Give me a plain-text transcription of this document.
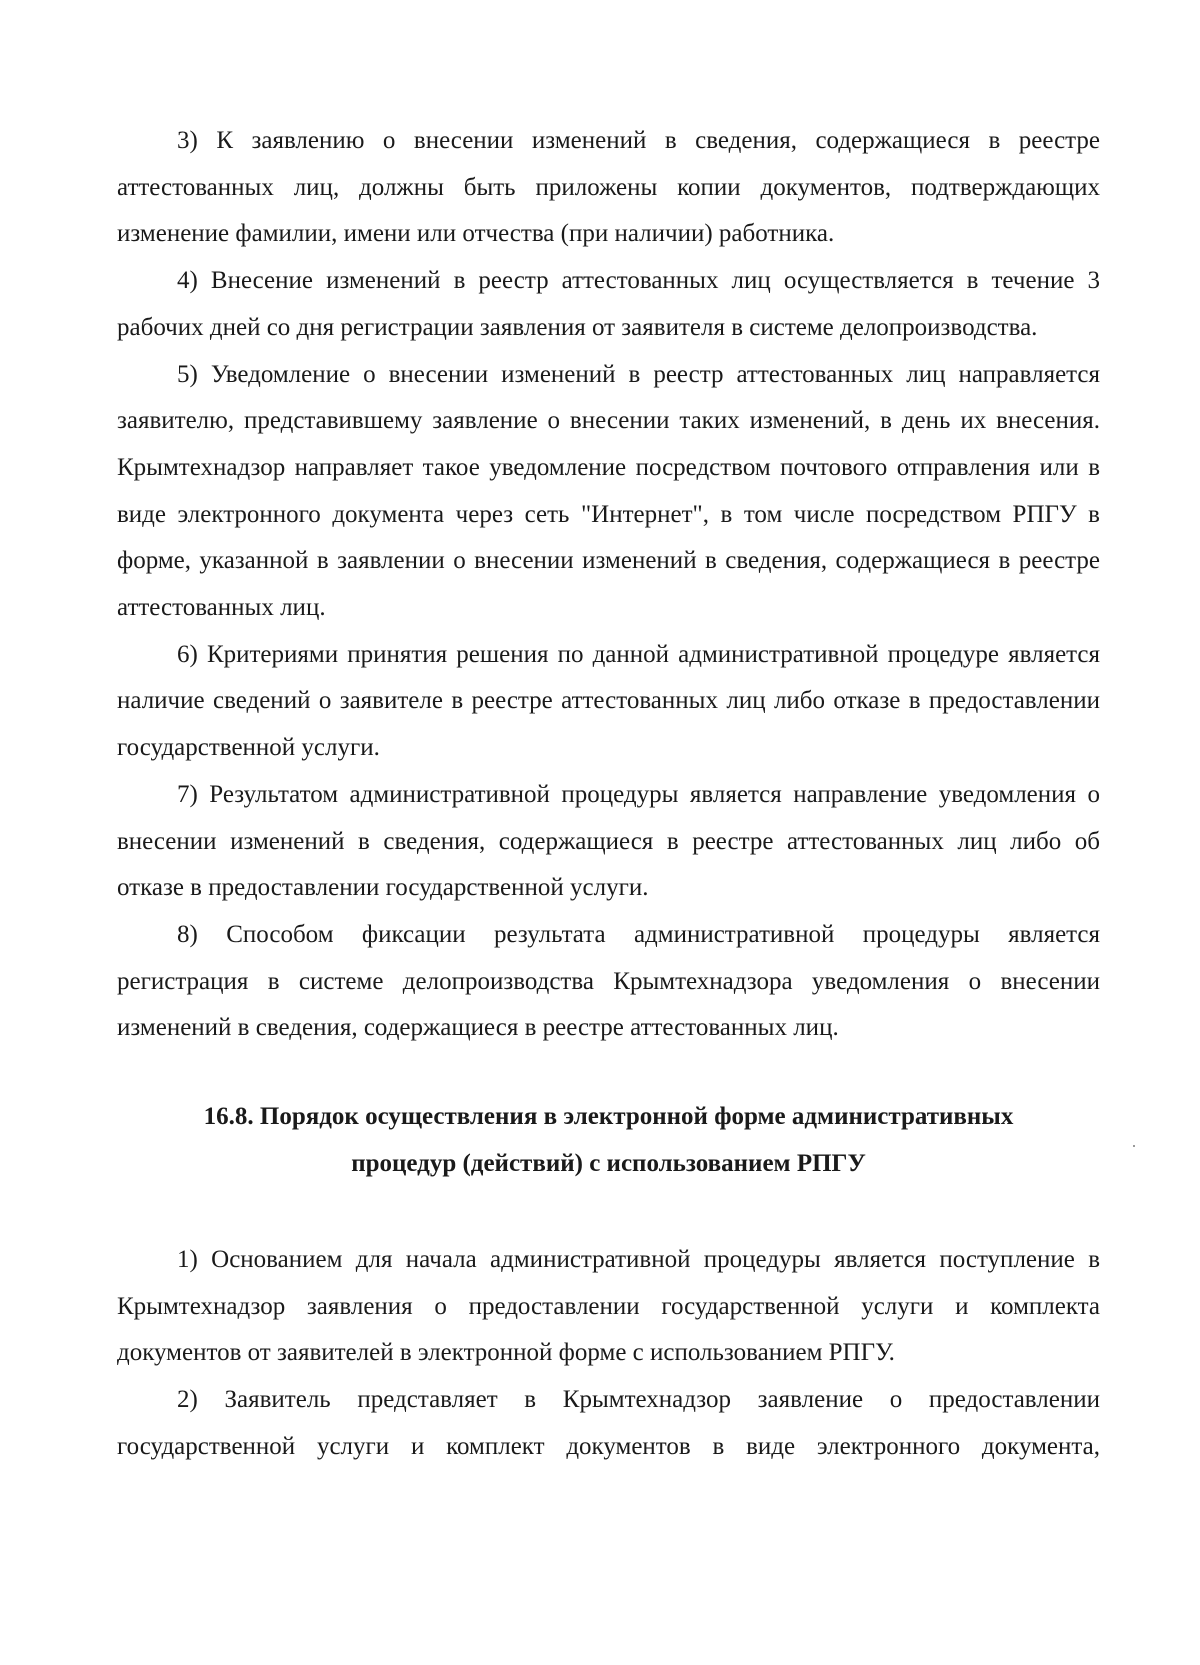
3) К заявлению о внесении изменений в сведения, содержащиеся в реестре аттестованных лиц, должны быть приложены копии документов, подтверждающих изменение фамилии, имени или отчества (при наличии) работника.

4) Внесение изменений в реестр аттестованных лиц осуществляется в течение 3 рабочих дней со дня регистрации заявления от заявителя в системе делопроизводства.

5) Уведомление о внесении изменений в реестр аттестованных лиц направляется заявителю, представившему заявление о внесении таких изменений, в день их внесения. Крымтехнадзор направляет такое уведомление посредством почтового отправления или в виде электронного документа через сеть "Интернет", в том числе посредством РПГУ в форме, указанной в заявлении о внесении изменений в сведения, содержащиеся в реестре аттестованных лиц.

6) Критериями принятия решения по данной административной процедуре является наличие сведений о заявителе в реестре аттестованных лиц либо отказе в предоставлении государственной услуги.

7) Результатом административной процедуры является направление уведомления о внесении изменений в сведения, содержащиеся в реестре аттестованных лиц либо об отказе в предоставлении государственной услуги.

8) Способом фиксации результата административной процедуры является регистрация в системе делопроизводства Крымтехнадзора уведомления о внесении изменений в сведения, содержащиеся в реестре аттестованных лиц.

16.8. Порядок осуществления в электронной форме административных
процедур (действий) с использованием РПГУ

1) Основанием для начала административной процедуры является поступление в Крымтехнадзор заявления о предоставлении государственной услуги и комплекта документов от заявителей в электронной форме с использованием РПГУ.

2) Заявитель представляет в Крымтехнадзор заявление о предоставлении государственной услуги и комплект документов в виде электронного документа,
